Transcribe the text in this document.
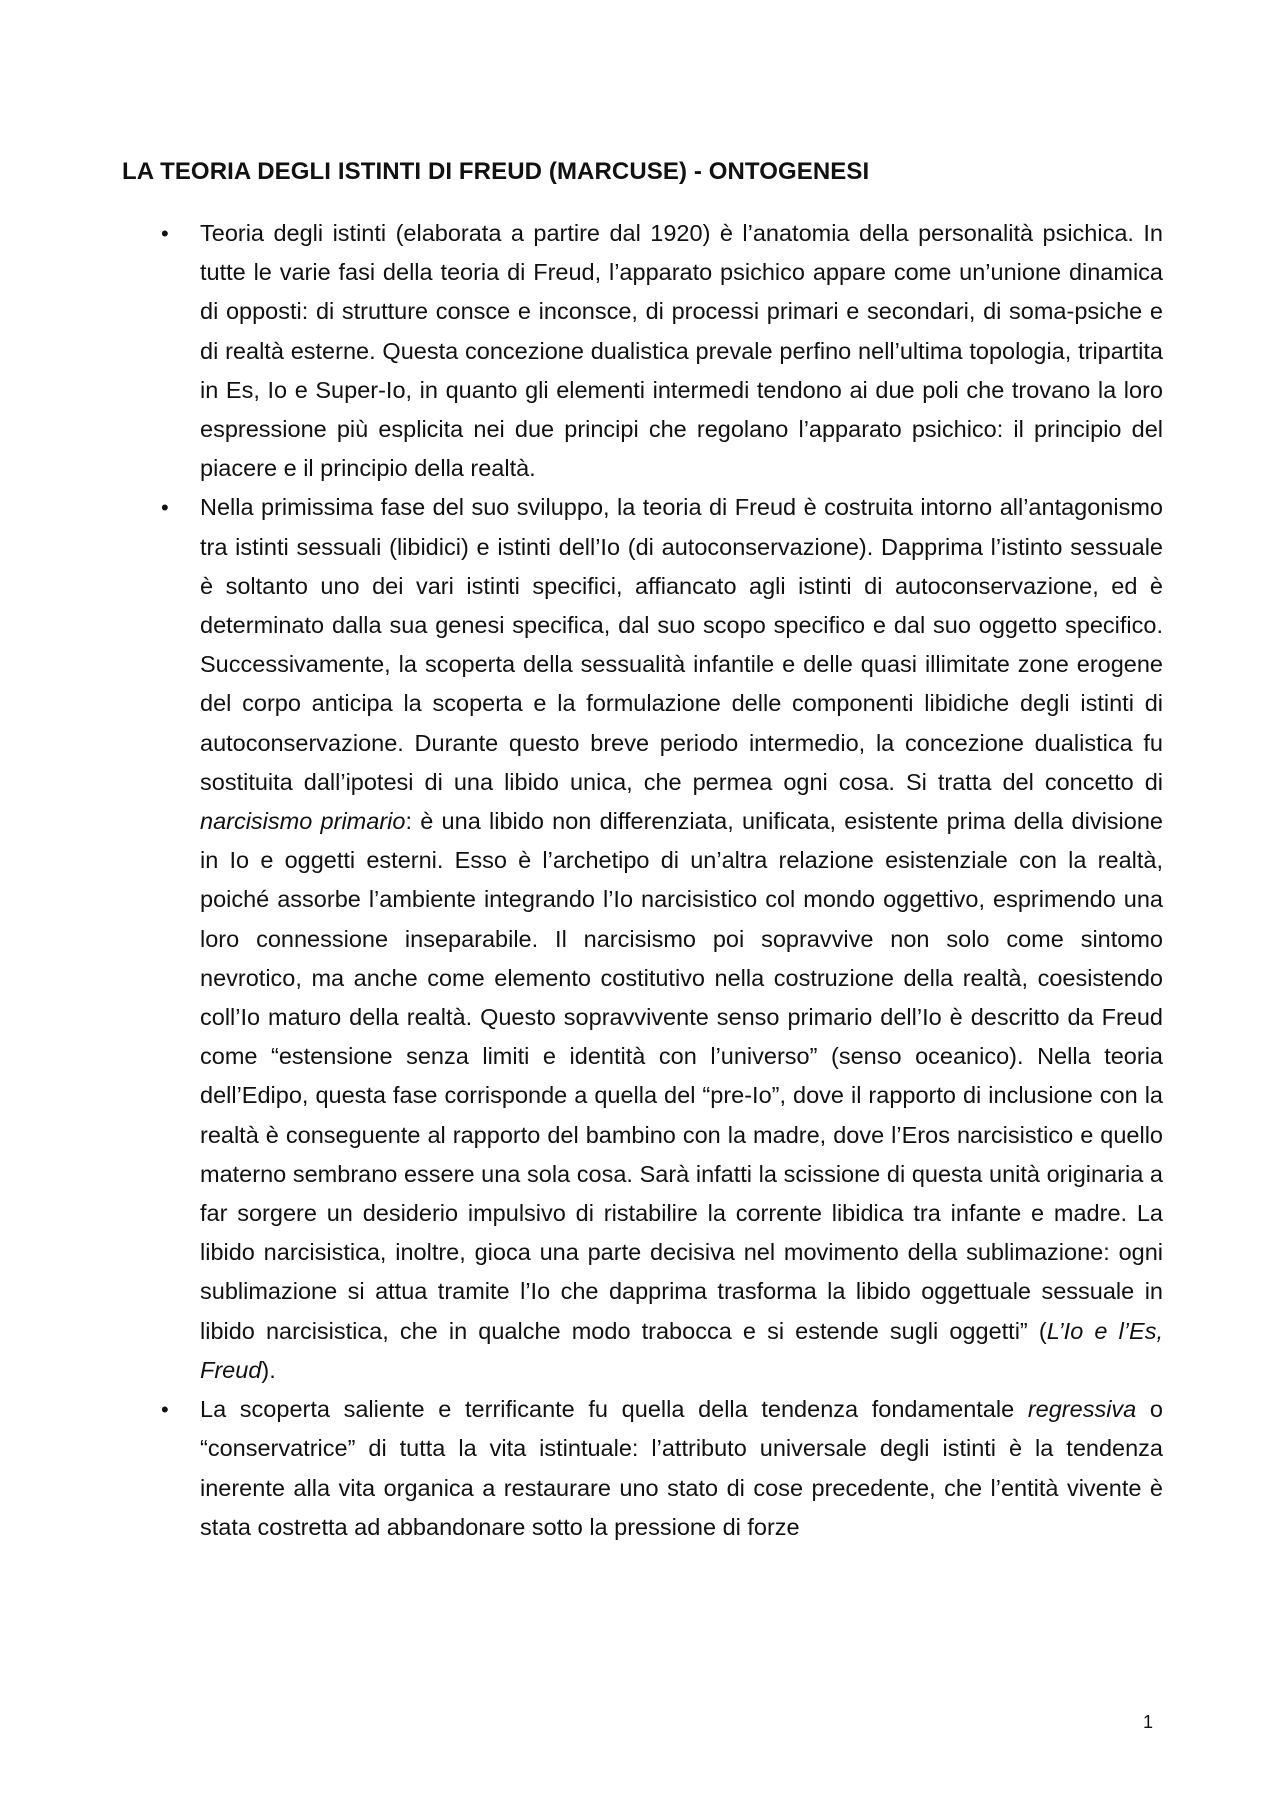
LA TEORIA DEGLI ISTINTI DI FREUD (MARCUSE) - ONTOGENESI
• Teoria degli istinti (elaborata a partire dal 1920) è l’anatomia della personalità psichica. In tutte le varie fasi della teoria di Freud, l’apparato psichico appare come un’unione dinamica di opposti: di strutture consce e inconsce, di processi primari e secondari, di soma-psiche e di realtà esterne. Questa concezione dualistica prevale perfino nell’ultima topologia, tripartita in Es, Io e Super-Io, in quanto gli elementi intermedi tendono ai due poli che trovano la loro espressione più esplicita nei due principi che regolano l’apparato psichico: il principio del piacere e il principio della realtà.
• Nella primissima fase del suo sviluppo, la teoria di Freud è costruita intorno all’antagonismo tra istinti sessuali (libidici) e istinti dell’Io (di autoconservazione). Dapprima l’istinto sessuale è soltanto uno dei vari istinti specifici, affiancato agli istinti di autoconservazione, ed è determinato dalla sua genesi specifica, dal suo scopo specifico e dal suo oggetto specifico. Successivamente, la scoperta della sessualità infantile e delle quasi illimitate zone erogene del corpo anticipa la scoperta e la formulazione delle componenti libidiche degli istinti di autoconservazione. Durante questo breve periodo intermedio, la concezione dualistica fu sostituita dall’ipotesi di una libido unica, che permea ogni cosa. Si tratta del concetto di narcisismo primario: è una libido non differenziata, unificata, esistente prima della divisione in Io e oggetti esterni. Esso è l’archetipo di un’altra relazione esistenziale con la realtà, poiché assorbe l’ambiente integrando l’Io narcisistico col mondo oggettivo, esprimendo una loro connessione inseparabile. Il narcisismo poi sopravvive non solo come sintomo nevrotico, ma anche come elemento costitutivo nella costruzione della realtà, coesistendo coll’Io maturo della realtà. Questo sopravvivente senso primario dell’Io è descritto da Freud come “estensione senza limiti e identità con l’universo” (senso oceanico). Nella teoria dell’Edipo, questa fase corrisponde a quella del “pre-Io”, dove il rapporto di inclusione con la realtà è conseguente al rapporto del bambino con la madre, dove l’Eros narcisistico e quello materno sembrano essere una sola cosa. Sarà infatti la scissione di questa unità originaria a far sorgere un desiderio impulsivo di ristabilire la corrente libidica tra infante e madre. La libido narcisistica, inoltre, gioca una parte decisiva nel movimento della sublimazione: ogni sublimazione si attua tramite l’Io che dapprima trasforma la libido oggettuale sessuale in libido narcisistica, che in qualche modo trabocca e si estende sugli oggetti” (L’Io e l’Es, Freud).
• La scoperta saliente e terrificante fu quella della tendenza fondamentale regressiva o “conservatrice” di tutta la vita istintuale: l’attributo universale degli istinti è la tendenza inerente alla vita organica a restaurare uno stato di cose precedente, che l’entità vivente è stata costretta ad abbandonare sotto la pressione di forze
1
